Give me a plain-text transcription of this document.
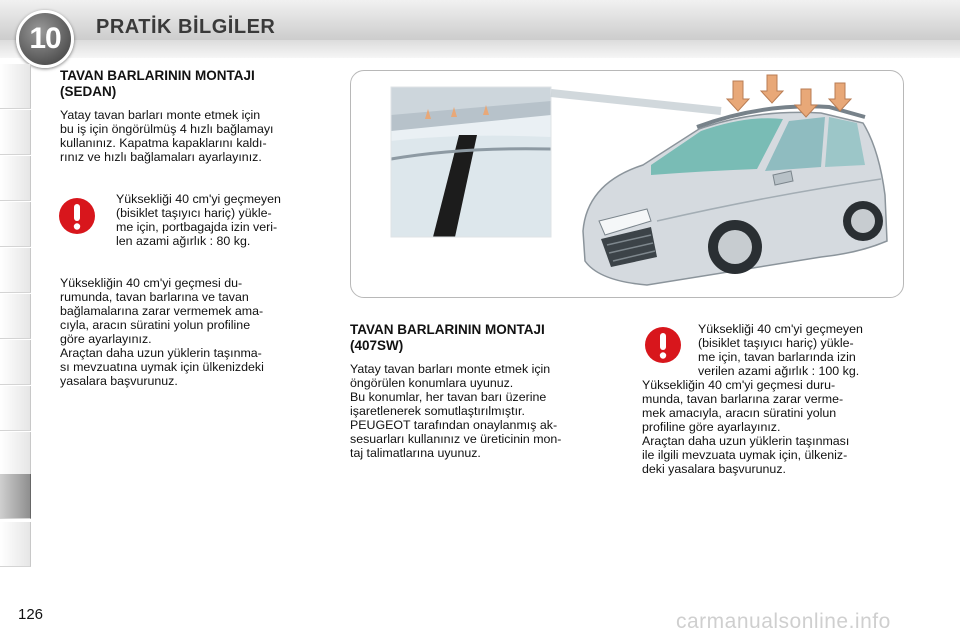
10	PRATİK BİLGİLER
TAVAN BARLARININ MONTAJI
(SEDAN)
Yatay tavan barları monte etmek için
bu iş için öngörülmüş 4 hızlı bağlamayı
kullanınız. Kapatma kapaklarını kaldı-
rınız ve hızlı bağlamaları ayarlayınız.
Yüksekliği 40 cm'yi geçmeyen
(bisiklet taşıyıcı hariç) yükle-
me için, portbagajda izin veri-
len azami ağırlık : 80 kg.
Yüksekliğin 40 cm'yi geçmesi du-
rumunda, tavan barlarına ve tavan
bağlamalarına zarar vermemek ama-
cıyla, aracın süratini yolun profiline
göre ayarlayınız.
Araçtan daha uzun yüklerin taşınma-
sı mevzuatına uymak için ülkenizdeki
yasalara başvurunuz.
TAVAN BARLARININ MONTAJI
(407SW)
Yatay tavan barları monte etmek için
öngörülen konumlara uyunuz.
Bu konumlar, her tavan barı üzerine
işaretlenerek somutlaştırılmıştır.
PEUGEOT tarafından onaylanmış ak-
sesuarları kullanınız ve üreticinin mon-
taj talimatlarına uyunuz.
Yüksekliği 40 cm'yi geçmeyen
(bisiklet taşıyıcı hariç) yükle-
me için, tavan barlarında izin
verilen azami ağırlık : 100 kg.
Yüksekliğin 40 cm'yi geçmesi duru-
munda, tavan barlarına zarar verme-
mek amacıyla, aracın süratini yolun
profiline göre ayarlayınız.
Araçtan daha uzun yüklerin taşınması
ile ilgili mevzuata uymak için, ülkeniz-
deki yasalara başvurunuz.
126	carmanualsonline.info
